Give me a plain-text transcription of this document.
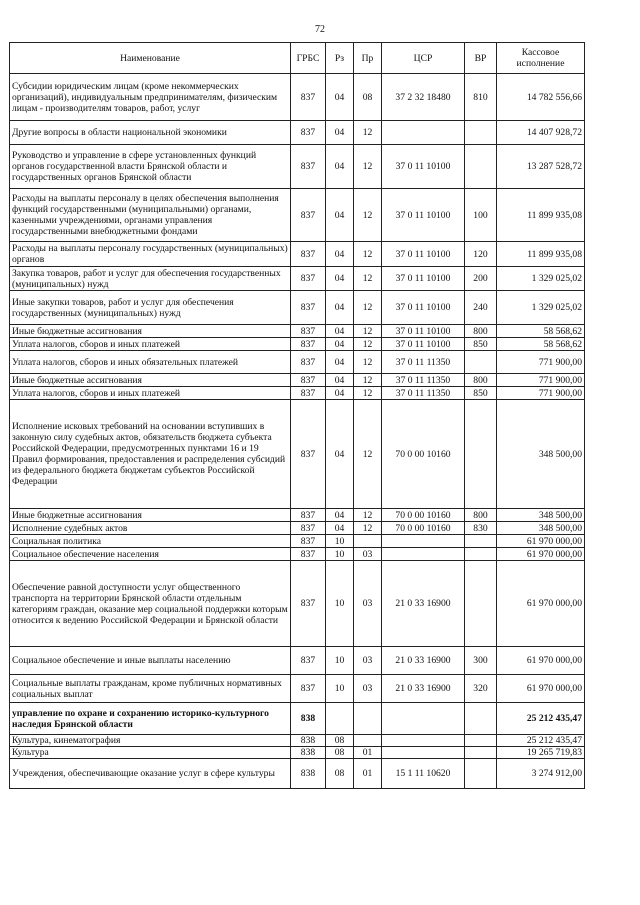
72
Наименование	ГРБС	Рз	Пр	ЦСР	ВР	Кассовое исполнение
Субсидии юридическим лицам (кроме некоммерческих организаций), индивидуальным предпринимателям, физическим лицам - производителям товаров, работ, услуг	837	04	08	37 2 32 18480	810	14 782 556,66
Другие вопросы в области национальной экономики	837	04	12			14 407 928,72
Руководство и управление в сфере установленных функций органов государственной власти Брянской области и государственных органов Брянской области	837	04	12	37 0 11 10100		13 287 528,72
Расходы на выплаты персоналу в целях обеспечения выполнения функций государственными (муниципальными) органами, казенными учреждениями, органами управления государственными внебюджетными фондами	837	04	12	37 0 11 10100	100	11 899 935,08
Расходы на выплаты персоналу государственных (муниципальных) органов	837	04	12	37 0 11 10100	120	11 899 935,08
Закупка товаров, работ и услуг для обеспечения государственных (муниципальных) нужд	837	04	12	37 0 11 10100	200	1 329 025,02
Иные закупки товаров, работ и услуг для обеспечения государственных (муниципальных) нужд	837	04	12	37 0 11 10100	240	1 329 025,02
Иные бюджетные ассигнования	837	04	12	37 0 11 10100	800	58 568,62
Уплата налогов, сборов и иных платежей	837	04	12	37 0 11 10100	850	58 568,62
Уплата налогов, сборов и иных обязательных платежей	837	04	12	37 0 11 11350		771 900,00
Иные бюджетные ассигнования	837	04	12	37 0 11 11350	800	771 900,00
Уплата налогов, сборов и иных платежей	837	04	12	37 0 11 11350	850	771 900,00
Исполнение исковых требований на основании вступивших в законную силу судебных актов, обязательств бюджета субъекта Российской Федерации, предусмотренных пунктами 16 и 19 Правил формирования, предоставления и распределения субсидий из федерального бюджета бюджетам субъектов Российской Федерации	837	04	12	70 0 00 10160		348 500,00
Иные бюджетные ассигнования	837	04	12	70 0 00 10160	800	348 500,00
Исполнение судебных актов	837	04	12	70 0 00 10160	830	348 500,00
Социальная политика	837	10				61 970 000,00
Социальное обеспечение населения	837	10	03			61 970 000,00
Обеспечение равной доступности услуг общественного транспорта на территории Брянской области отдельным категориям граждан, оказание мер социальной поддержки которым относится к ведению Российской Федерации и Брянской области	837	10	03	21 0 33 16900		61 970 000,00
Социальное обеспечение и иные выплаты населению	837	10	03	21 0 33 16900	300	61 970 000,00
Социальные выплаты гражданам, кроме публичных нормативных социальных выплат	837	10	03	21 0 33 16900	320	61 970 000,00
управление по охране и сохранению историко-культурного наследия Брянской области	838					25 212 435,47
Культура, кинематография	838	08				25 212 435,47
Культура	838	08	01			19 265 719,83
Учреждения, обеспечивающие оказание услуг в сфере культуры	838	08	01	15 1 11 10620		3 274 912,00
